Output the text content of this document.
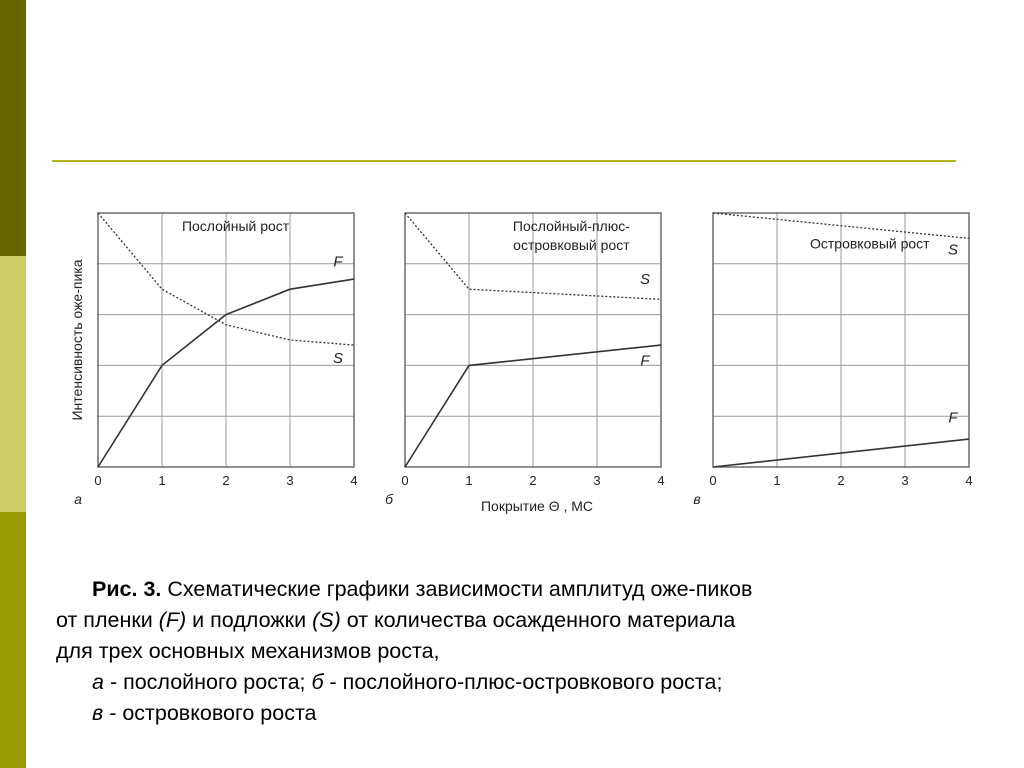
Интенсивность оже-пика
Покрытие Θ , МС
0	1	2	3	4
Послойный рост
F
S
а
0	1	2	3	4
Послойный-плюс-
островковый рост
F
S
б
0	1	2	3	4
Островковый рост
F
S
в
Рис. 3. Схематические графики зависимости амплитуд оже-пиков
от пленки (F) и подложки (S) от количества осажденного материала
для трех основных механизмов роста,
а - послойного роста; б - послойного-плюс-островкового роста;
в - островкового роста
